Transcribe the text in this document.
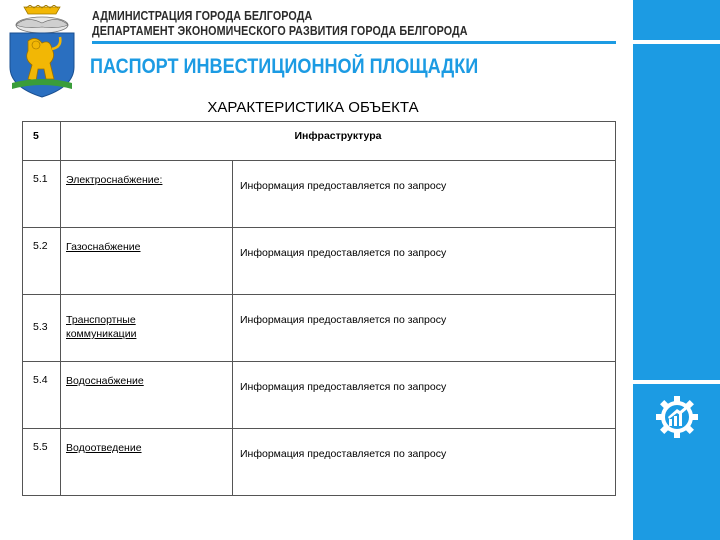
АДМИНИСТРАЦИЯ ГОРОДА БЕЛГОРОДА
ДЕПАРТАМЕНТ ЭКОНОМИЧЕСКОГО РАЗВИТИЯ ГОРОДА БЕЛГОРОДА
ПАСПОРТ ИНВЕСТИЦИОННОЙ ПЛОЩАДКИ
ХАРАКТЕРИСТИКА ОБЪЕКТА
5	Инфраструктура	
5.1	Электроснабжение:	Информация предоставляется по запросу

5.2	Газоснабжение	Информация предоставляется по запросу

5.3	Транспортные коммуникации	Информация предоставляется по запросу

5.4	Водоснабжение	Информация предоставляется по запросу

5.5	Водоотведение	Информация предоставляется по запросу
